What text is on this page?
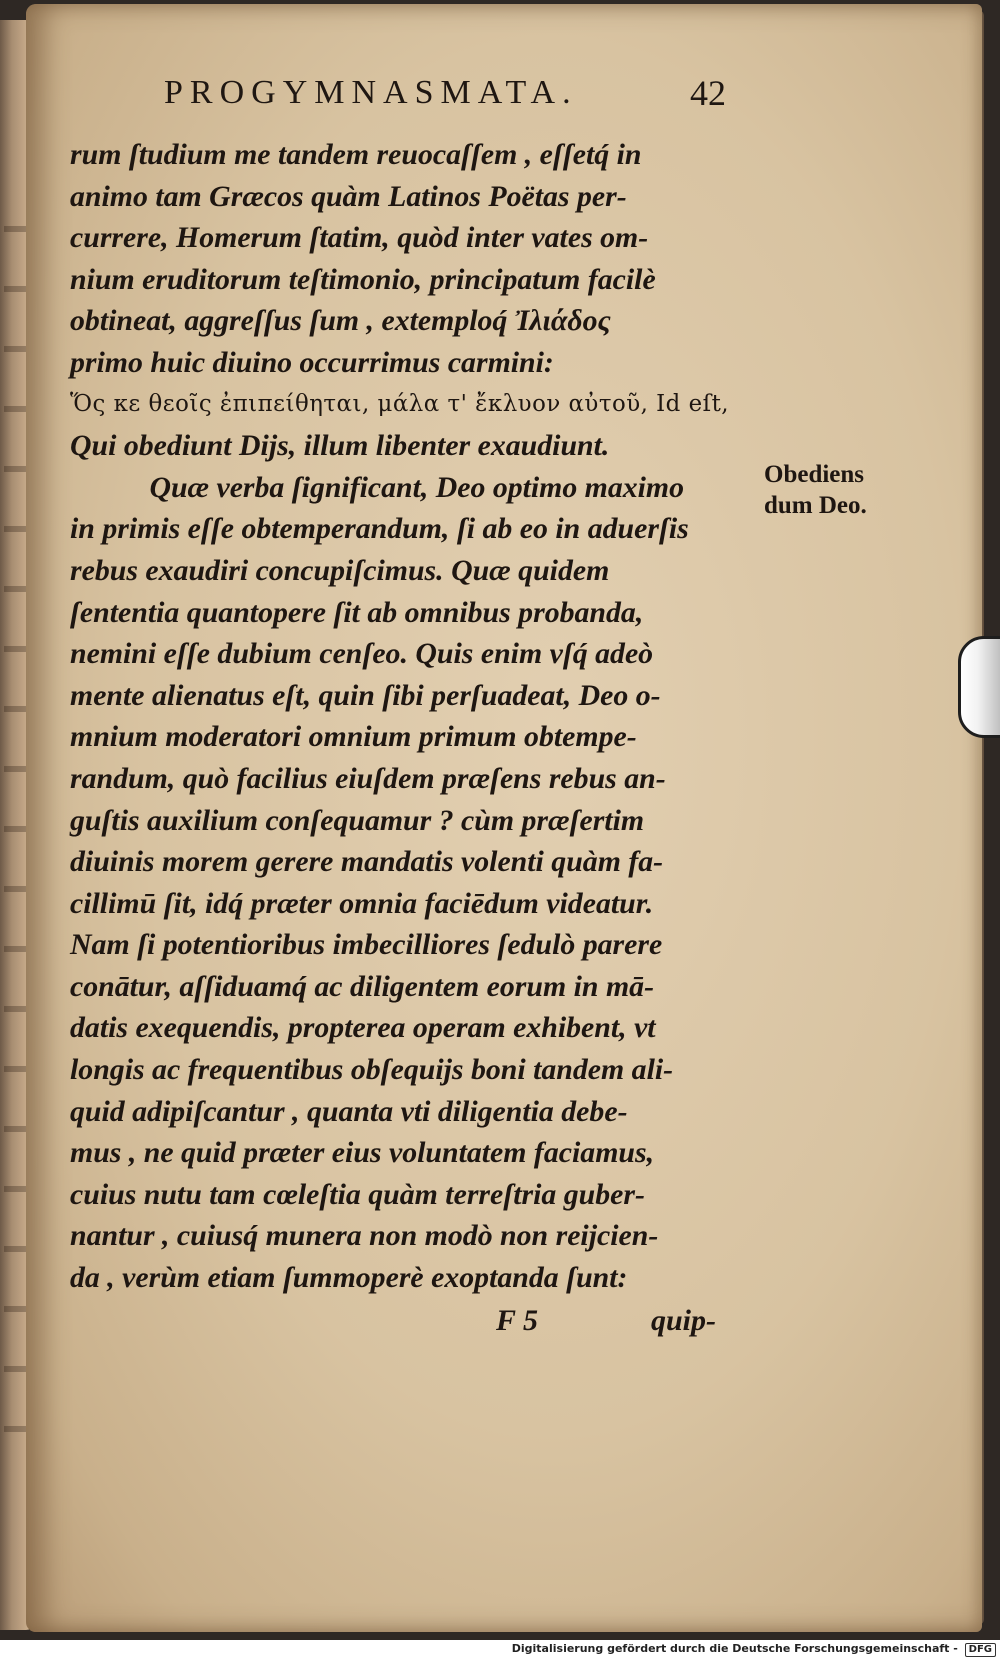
PROGYMNASMATA.	42
rum ſtudium me tandem reuocaſſem , eſſetq́ in
animo tam Græcos quàm Latinos Poëtas per-
currere, Homerum ſtatim, quòd inter vates om-
nium eruditorum teſtimonio, principatum facilè
obtineat, aggreſſus ſum , extemploq́ Ἰλιάδος
primo huic diuino occurrimus carmini:
Ὅς κε θεοῖς ἐπιπείθηται, μάλα τ' ἔκλυον αὐτοῦ, Id eſt,
Qui obediunt Dijs, illum libenter exaudiunt.
Quæ verba ſignificant, Deo optimo maximo
in primis eſſe obtemperandum, ſi ab eo in aduerſis
rebus exaudiri concupiſcimus. Quæ quidem
ſententia quantopere ſit ab omnibus probanda,
nemini eſſe dubium cenſeo. Quis enim vſq́ adeò
mente alienatus eſt, quin ſibi perſuadeat, Deo o-
mnium moderatori omnium primum obtempe-
randum, quò facilius eiuſdem præſens rebus an-
guſtis auxilium conſequamur ? cùm præſertim
diuinis morem gerere mandatis volenti quàm fa-
cillimū ſit, idq́ præter omnia faciēdum videatur.
Nam ſi potentioribus imbecilliores ſedulò parere
conātur, aſſiduamq́ ac diligentem eorum in mā-
datis exequendis, propterea operam exhibent, vt
longis ac frequentibus obſequijs boni tandem ali-
quid adipiſcantur , quanta vti diligentia debe-
mus , ne quid præter eius voluntatem faciamus,
cuius nutu tam cœleſtia quàm terreſtria guber-
nantur , cuiusq́ munera non modò non reijcien-
da , verùm etiam ſummoperè exoptanda ſunt:
Obediens
dum Deo.
F 5	quip-
Digitalisierung gefördert durch die Deutsche Forschungsgemeinschaft - DFG
